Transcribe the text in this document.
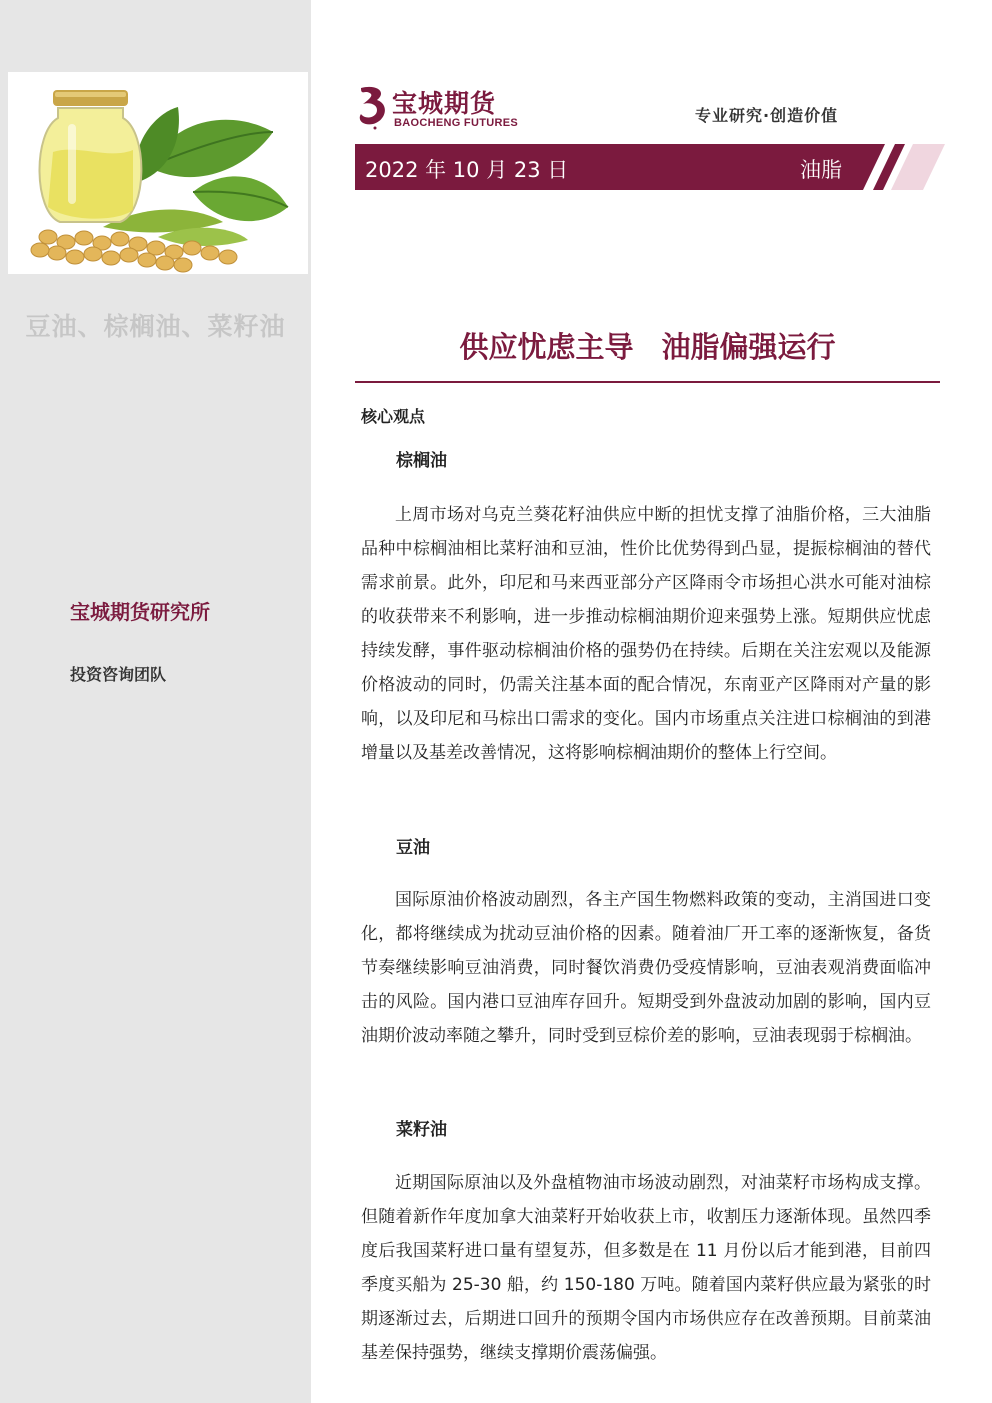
豆油、棕榈油、菜籽油
宝城期货研究所
投资咨询团队
宝城期货
BAOCHENG FUTURES	专业研究·创造价值
2022 年 10 月 23 日	油脂
供应忧虑主导 油脂偏强运行
核心观点
棕榈油
上周市场对乌克兰葵花籽油供应中断的担忧支撑了油脂价格，三大油脂品种中棕榈油相比菜籽油和豆油，性价比优势得到凸显，提振棕榈油的替代需求前景。此外，印尼和马来西亚部分产区降雨令市场担心洪水可能对油棕的收获带来不利影响，进一步推动棕榈油期价迎来强势上涨。短期供应忧虑持续发酵，事件驱动棕榈油价格的强势仍在持续。后期在关注宏观以及能源价格波动的同时，仍需关注基本面的配合情况，东南亚产区降雨对产量的影响，以及印尼和马棕出口需求的变化。国内市场重点关注进口棕榈油的到港增量以及基差改善情况，这将影响棕榈油期价的整体上行空间。
豆油
国际原油价格波动剧烈，各主产国生物燃料政策的变动，主消国进口变化，都将继续成为扰动豆油价格的因素。随着油厂开工率的逐渐恢复，备货节奏继续影响豆油消费，同时餐饮消费仍受疫情影响，豆油表观消费面临冲击的风险。国内港口豆油库存回升。短期受到外盘波动加剧的影响，国内豆油期价波动率随之攀升，同时受到豆棕价差的影响，豆油表现弱于棕榈油。
菜籽油
近期国际原油以及外盘植物油市场波动剧烈，对油菜籽市场构成支撑。但随着新作年度加拿大油菜籽开始收获上市，收割压力逐渐体现。虽然四季度后我国菜籽进口量有望复苏，但多数是在 11 月份以后才能到港，目前四季度买船为 25-30 船，约 150-180 万吨。随着国内菜籽供应最为紧张的时期逐渐过去，后期进口回升的预期令国内市场供应存在改善预期。目前菜油基差保持强势，继续支撑期价震荡偏强。
